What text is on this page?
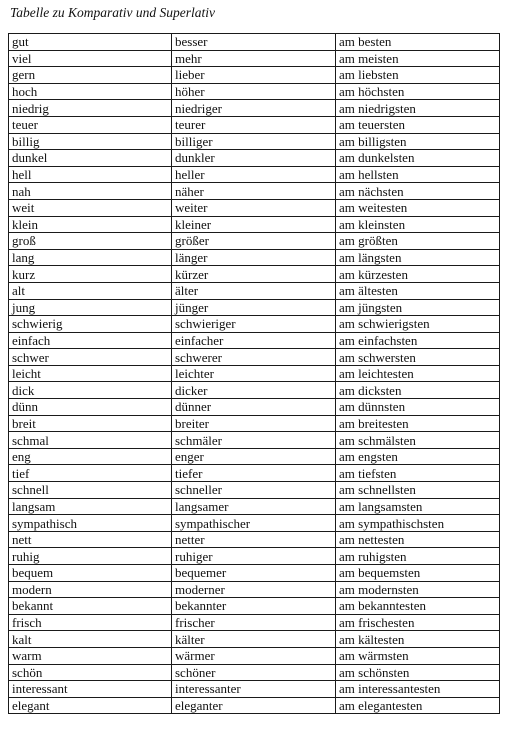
Tabelle zu Komparativ und Superlativ
gut	besser	am besten
viel	mehr	am meisten
gern	lieber	am liebsten
hoch	höher	am höchsten
niedrig	niedriger	am niedrigsten
teuer	teurer	am teuersten
billig	billiger	am billigsten
dunkel	dunkler	am dunkelsten
hell	heller	am hellsten
nah	näher	am nächsten
weit	weiter	am weitesten
klein	kleiner	am kleinsten
groß	größer	am größten
lang	länger	am längsten
kurz	kürzer	am kürzesten
alt	älter	am ältesten
jung	jünger	am jüngsten
schwierig	schwieriger	am schwierigsten
einfach	einfacher	am einfachsten
schwer	schwerer	am schwersten
leicht	leichter	am leichtesten
dick	dicker	am dicksten
dünn	dünner	am dünnsten
breit	breiter	am breitesten
schmal	schmäler	am schmälsten
eng	enger	am engsten
tief	tiefer	am tiefsten
schnell	schneller	am schnellsten
langsam	langsamer	am langsamsten
sympathisch	sympathischer	am sympathischsten
nett	netter	am nettesten
ruhig	ruhiger	am ruhigsten
bequem	bequemer	am bequemsten
modern	moderner	am modernsten
bekannt	bekannter	am bekanntesten
frisch	frischer	am frischesten
kalt	kälter	am kältesten
warm	wärmer	am wärmsten
schön	schöner	am schönsten
interessant	interessanter	am interessantesten
elegant	eleganter	am elegantesten
